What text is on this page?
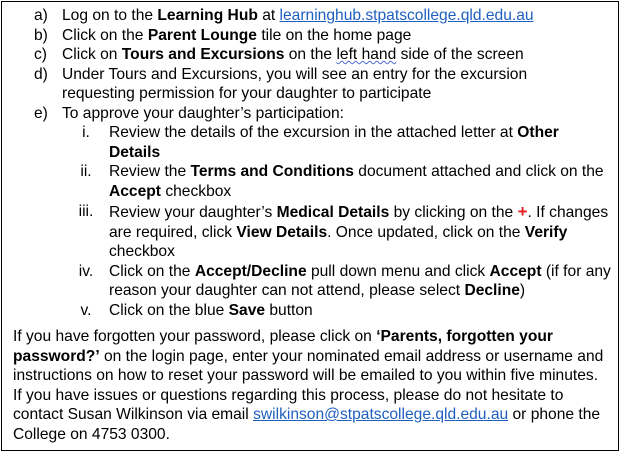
a) Log on to the Learning Hub at learninghub.stpatscollege.qld.edu.au
b) Click on the Parent Lounge tile on the home page
c) Click on Tours and Excursions on the left hand side of the screen
d) Under Tours and Excursions, you will see an entry for the excursion
requesting permission for your daughter to participate
e) To approve your daughter’s participation:
i.	Review the details of the excursion in the attached letter at Other Details
ii.	Review the Terms and Conditions document attached and click on the Accept checkbox
iii. Review your daughter’s Medical Details by clicking on the +. If changes are required, click View Details. Once updated, click on the Verify checkbox
iv.	Click on the Accept/Decline pull down menu and click Accept (if for any reason your daughter can not attend, please select Decline)
v.	Click on the blue Save button
If you have forgotten your password, please click on ‘Parents, forgotten your password?’ on the login page, enter your nominated email address or username and instructions on how to reset your password will be emailed to you within five minutes. If you have issues or questions regarding this process, please do not hesitate to contact Susan Wilkinson via email swilkinson@stpatscollege.qld.edu.au or phone the College on 4753 0300.
